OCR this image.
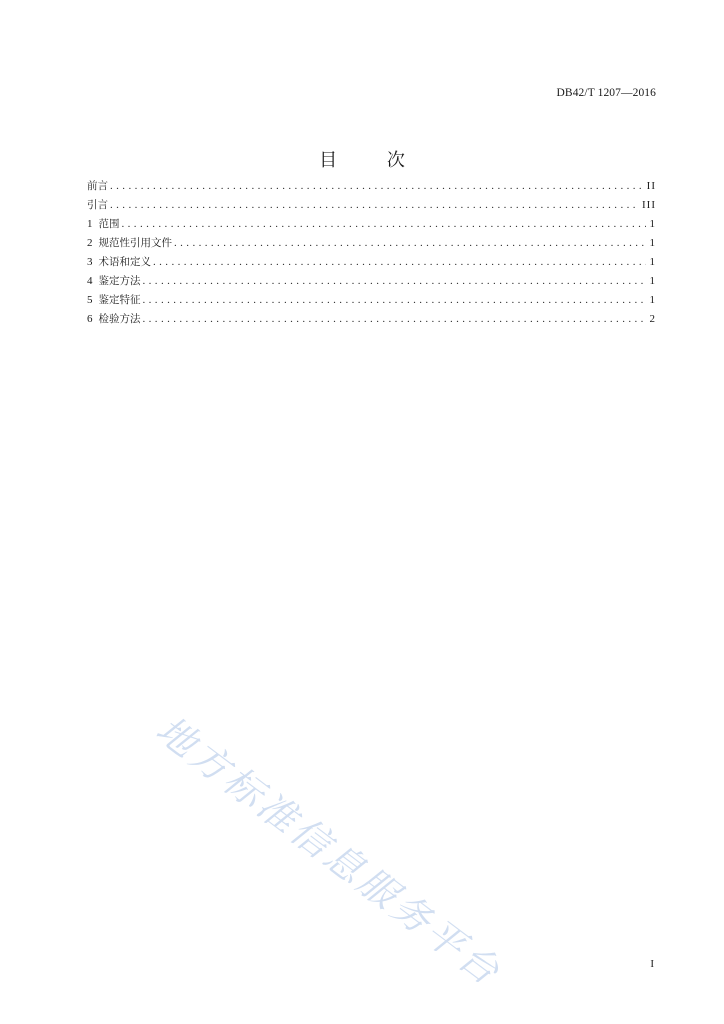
DB42/T 1207—2016
目 次
前言 .....	II
引言 .....	III
1 范围 .....	1
2 规范性引用文件 .....	1
3 术语和定义 .....	1
4 鉴定方法 .....	1
5 鉴定特征 .....	1
6 检验方法 .....	2
地方标准信息服务平台	I
